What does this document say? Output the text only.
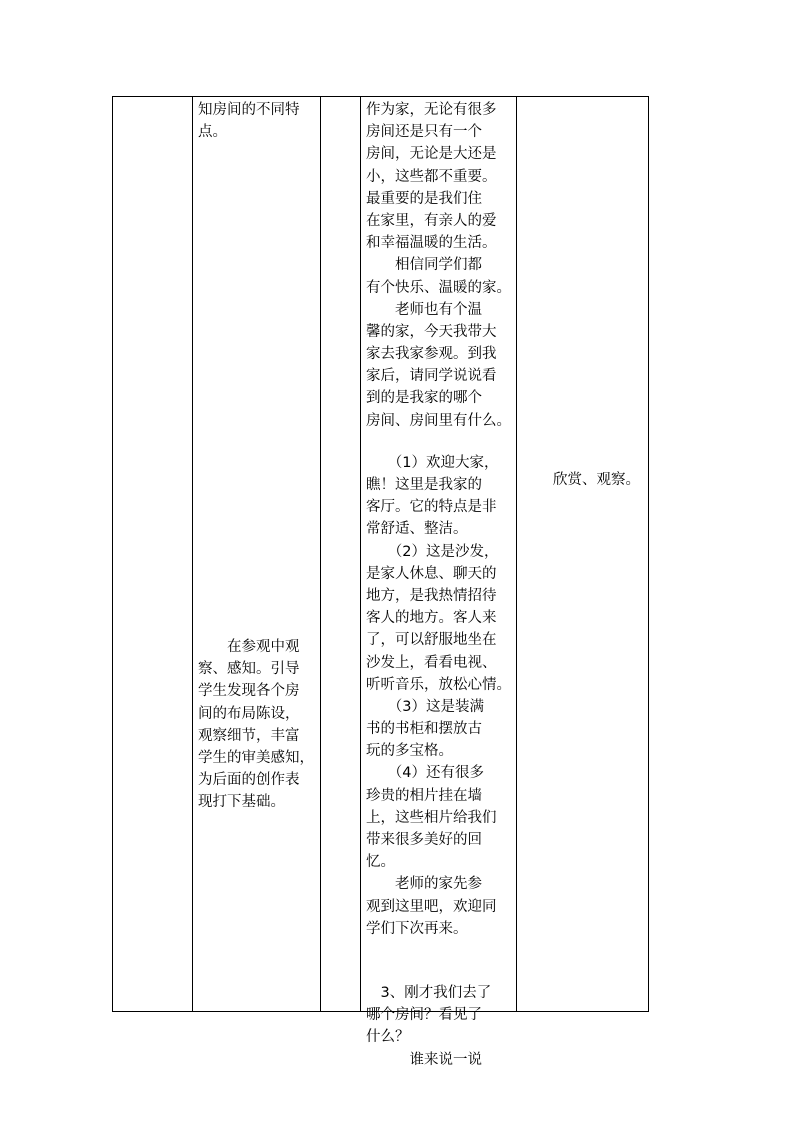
知房间的不同特
点。
　　在参观中观
察、感知。引导
学生发现各个房
间的布局陈设，
观察细节，丰富
学生的审美感知，
为后面的创作表
现打下基础。
作为家，无论有很多
房间还是只有一个
房间，无论是大还是
小，这些都不重要。
最重要的是我们住
在家里，有亲人的爱
和幸福温暖的生活。
　　相信同学们都
有个快乐、温暖的家。
　　老师也有个温
馨的家，今天我带大
家去我家参观。到我
家后，请同学说说看
到的是我家的哪个
房间、房间里有什么。
　　（1）欢迎大家，
瞧！这里是我家的
客厅。它的特点是非
常舒适、整洁。
　　（2）这是沙发，
是家人休息、聊天的
地方，是我热情招待
客人的地方。客人来
了，可以舒服地坐在
沙发上，看看电视、
听听音乐，放松心情。
　　（3）这是装满
书的书柜和摆放古
玩的多宝格。
　　（4）还有很多
珍贵的相片挂在墙
上，这些相片给我们
带来很多美好的回
忆。
　　老师的家先参
观到这里吧，欢迎同
学们下次再来。
　3、刚才我们去了
哪个房间？看见了
什么？
　　　谁来说一说
欣赏、观察。
